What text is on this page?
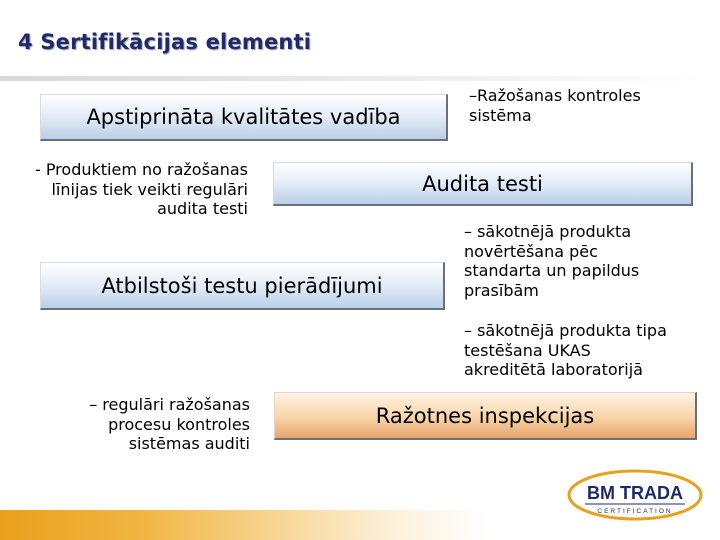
4 Sertifikācijas elementi
Apstiprināta kvalitātes vadība
–Ražošanas kontroles sistēma
- Produktiem no ražošanas līnijas tiek veikti regulāri audita testi
Audita testi
– sākotnējā produkta novērtēšana pēc standarta un papildus prasībām
– sākotnējā produkta tipa testēšana UKAS akreditētā laboratorijā
Atbilstoši testu pierādījumi
– regulāri ražošanas procesu kontroles sistēmas auditi
Ražotnes inspekcijas
BM TRADA
CERTIFICATION
